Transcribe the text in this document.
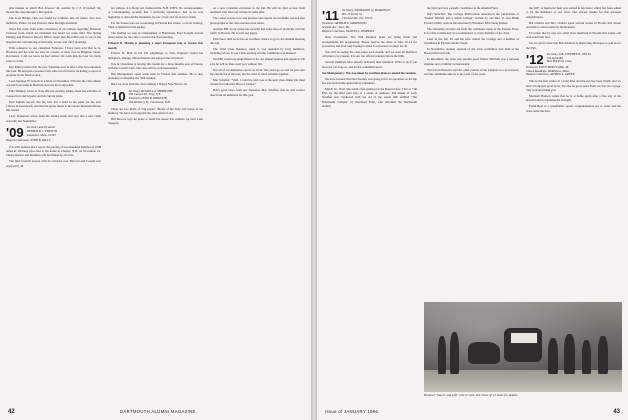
able manner in which Bob Atwood '42, assisted by J. P. O'Connell '46, moved the class through a full agenda.

The Gold Bridge Club, not bound by tradition, met all winter. Two new members, Parker '41 and Pearson, meet the high standards.

Word has come from some classmates of an address regarding Fullerton Swanson from whom no classmate has heard for some time. The Spring Mailing and Hanover Record Office report that Fred McCarty is out of the hospital and convalescing at his home. A note will carry greetings.

With reference to our classmate Fullerton, I have been told that he is, Bradford and his wife are now in a home of their own in Brighton Street, Dorchester. I did not know he had retired. We wish him the best for many years to come.

Ray Ellison writes that the new Valentine Law in effect after his retirement this year. He enjoyed a pleasant visit with our old friend, including a report of progress in the Newton area.

Leon Sprague '07 reports in a letter of November 27th that the class dinner was held last week in Hartford and was most enjoyable.

Ellis Whitney wrote to class officers recently telling about his activities in Connecticut and beyond, and his current plans.

Paul Upham reports that his wife has a hand in the plans for the new Library in Greenwich, and that the group meets at the Green Mountain House this winter.

Larry Pendexter writes from his Alaska home and says that a new cabin was built last September.

'09	Secretary and Treasurer
DEWHALD C. FRENCH
Southwick, Mass. 01563
Bequest Chairman: JOHN B. MILLS

It is with sadness that I report the passing of our esteemed member of 1909 Allen R. Whitney who died at his home in Chester, N.H. on November 21. Their presence and kindness will be missed by all of us.

The final football season with its victories over Harvard and Cornell was enjoyed by all.

are address, it is Rolla Arl, Sanbornville, N.H. 03872. No correspondence or Canoniqueing, recently had a terrifying experience. Just as he was beginning to descend the mountain, he saw a bear and sat down to think.

For the Stones who are vacationing in Florida this winter, a card is waiting. Then to Vermont in the spring.

The mailing we sent in campaigning at Harrisburg, Fred brought several letters home for the class to read in the class meeting.

Edward D. Martin is planning a short European trip to Greece this month.

Francis H. Holt in his fall pilgrimage to New England visited his birthplace, Orange, Massachusetts and enjoyed the old places.

Tate & Chapmine is leaving this month for a three months tour of Europe with the Cornell Club. The class will be well represented.

Bill Montgomery spent some time in Florida this summer. He is also planning on attending the 50th reunion.

Here we close with the class wishing a Happy New Year to all.

'10	Secretary, RUSSELL A. MEREDITH
502 Cannon Pl., Troy, N.Y.
Treasurer, LEON R. KIRWOOD
184 Mulberry St., Claremont, N.H.

There are two kinds of "big bones". Bones of the body and bones of the memory. We have not forgotten the class spirit of old.

Bill Bowers says he plans to build his house this summer up near Lake Sunapee.

on a new Canadian excursion in the fall. He will be glad to hear from members who have not written in some time.

The cruise is done now and pictures and reports are available. Several fine photographs of the class reunion were taken.

Another Bill of our group has recently had some tales of problems with the traffic in Boston. He is well and happy.

Paul Snow tells us he has an excellent chance to go to the Alumni meeting this fall.

The 1910 Class Reunion, April 5, was attended by forty members, including wives. It was a fine evening and the committee was thanked.

Ted Hill would not make Hanover for our annual reunion and regrets it. He says he will be there next year without fail.

Not all of our memories can be so vivid. The years go on and we pass into the chronicles of the past, but the class of 1910 remains together.

Mac Schaffer: "Well, I could be with you at the next class dinner but must remain in California. Best of wishes."

Bob's good news from our Treasurer, Mac Schaffer, that he will receive dues from all members for this year.

42	DARTMOUTH ALUMNI MAGAZINE
'11	Secretary, NATHANIEL G. BURLEIGH
Box 15 Dover St.
Chestnutville, T.N. 37155
Treasurer, ARTHUR F. GRIMWOOD
Seaside Ave., Saco, Me.
Bequest Chairman, SAMUEL L. HORWITZ

Dear Classmates: The 55th Reunion plans are being made and arrangements are progressing. Please reserve the dates of June 10-13 for yourselves and your lady hoping to make it a pleasant occasion for all.

You will be seeing the class notes each month, and we trust all members will plan to be present. It is our last official reunion before the 60th.

Several members have already indicated their intention. Write to us if you have not yet done so, and let the committee know.

Joe Montgomery: Was too taken by wartime plans to attend the reunion.

We have learned that Ned Toomey was going in for an operation on the hip but was back home again before Christmas.

March 16, 1912: The sunlit class gathered at the Boston Univ. Club at 7:30 P.M. for the third (and last) of a series of reunions. The dinner of Lady Nordine was conducted with the aid of the sound film entitled "The Dartmouth Campus" by President Fenn, who informed the Dartmouth alumni.

the Club and was a steady contributor to the Alumni Fund.

Karl Stonchor: The College Publications announced the publication of "Daniel Webster and a Small College" written by our Dud '11 and Philip Everett Chubb, with an introduction by President John Sloan Dickey.

The following excerpts are from the comments made in the Eastern Press. It is a fine volume and we recommend it to every member of the class.

Later in the fall, Ed and his wife visited the College and a number of classmates in Florida and the South.

In November, another reunion of the class committee was held at the Boston Harvard Club.

In December, the class lost another good friend. Mitchell was a devoted alumnus and a faithful correspondent.

Word from Hanover says the older portion of the Campus is to be restored, and the committee asks us to be a part of the work.

the 100". A memorial fund was started in his honor which has been added to by the members of our class. Our sincere thanks for this personal remembrance.

Hal Chubbs and Mrs. Chubbs spent several weeks in Florida this winter and plan to return north for the Reunion.

Ed writes that he saw two other class members in Florida this winter and both send their best.

We are glad to hear that Bob Andrews is improving. He hopes to join us for the 55th.

'12	Secretary, DR. STEPHEN B. WELLS
154 Seeds Rd.
West Hartford, Conn.
Treasurer, FLETCHER CLARK, JR.
4 Rock Roadings, Middlefoss, Mass.
Bequest Chairman, ALFRED L. GREEN

This is the first winter in a long time and the sun has been bright, and we have all enjoyed good news, but alas no good news from our last sea voyage. Stay well and thank you.

Marshall Hudson writes that he is at home again after a fine stay at the hospital and is regaining his strength.

Frank Beal is a grandfather again! Congratulations are in order and the class sends the best.

Hanover "mayor and wife" ride in style. See Class of '11 notes for details.
Issue of JANUARY 1966	43
